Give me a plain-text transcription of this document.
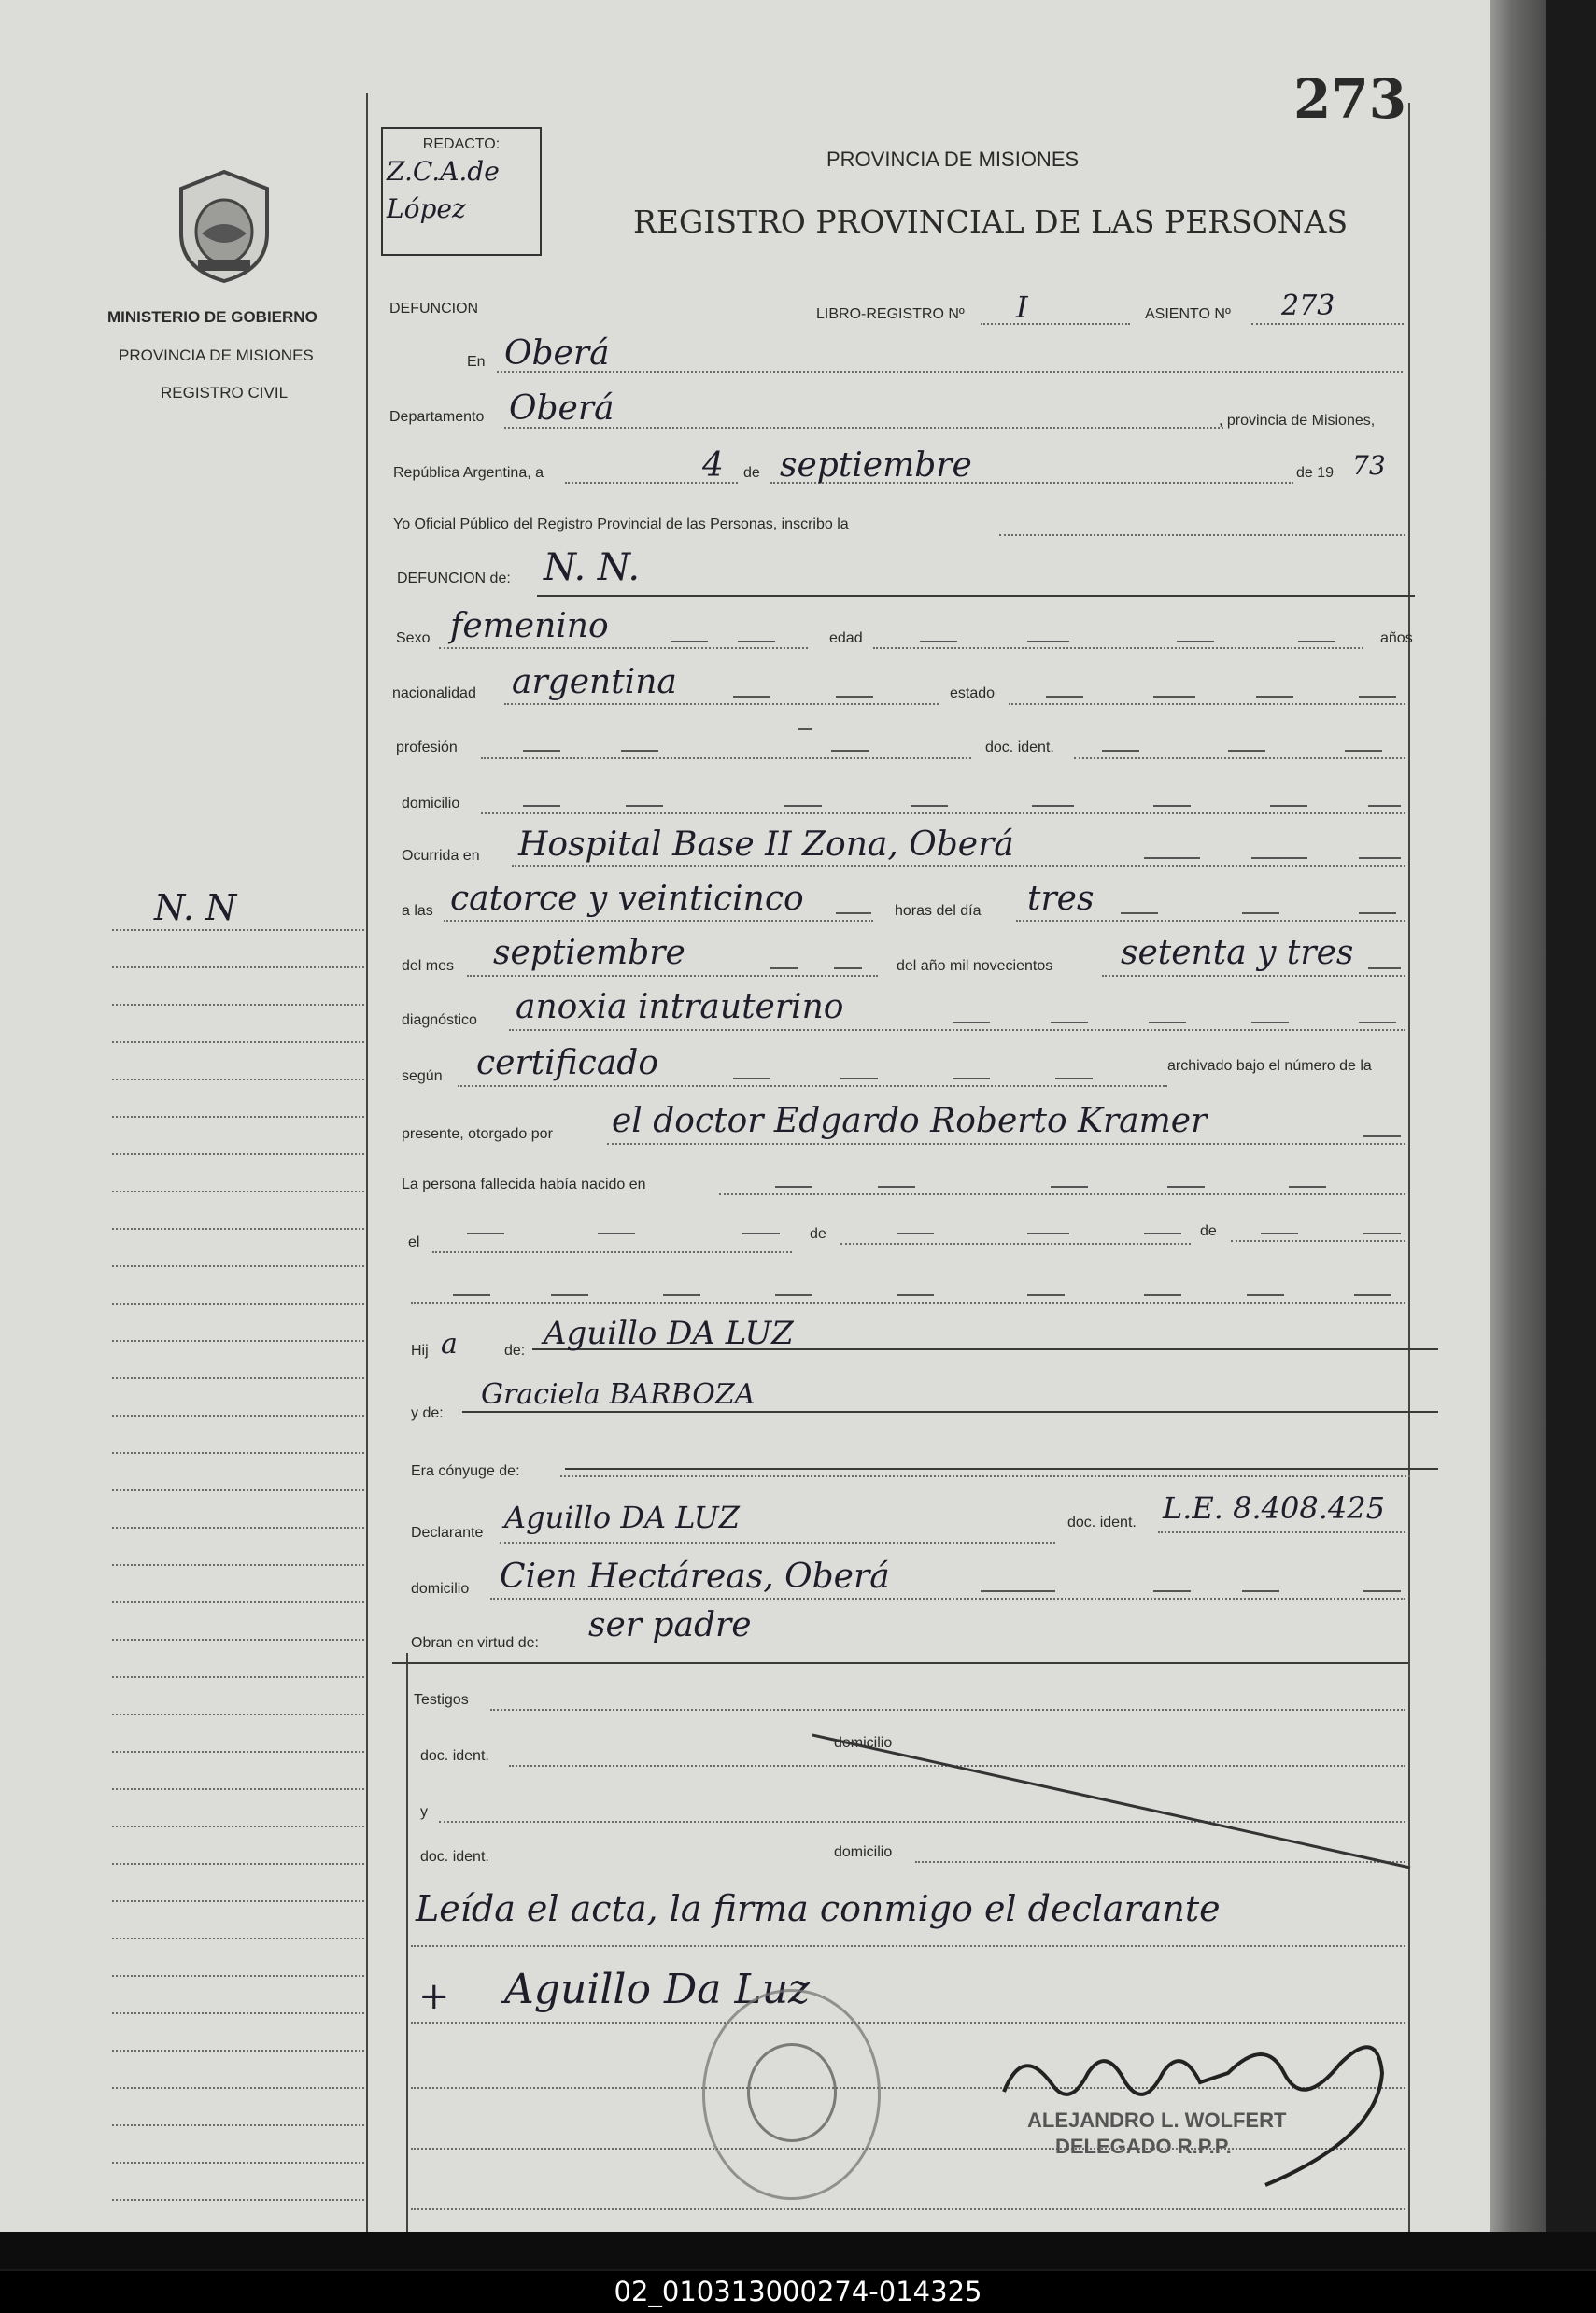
273
REDACTO:
Z.C.A.de López
PROVINCIA DE MISIONES
REGISTRO PROVINCIAL DE LAS PERSONAS
MINISTERIO DE GOBIERNO
PROVINCIA DE MISIONES
REGISTRO CIVIL
N. N
DEFUNCION	LIBRO-REGISTRO Nº I	ASIENTO Nº 273
En Oberá
Departamento Oberá	, provincia de Misiones,
República Argentina, a	4 de septiembre	de 19 73
Yo Oficial Público del Registro Provincial de las Personas, inscribo la
DEFUNCION de: N. N.
Sexo femenino	edad	años
nacionalidad argentina	estado
profesión	doc. ident.
domicilio
Ocurrida en Hospital Base II Zona, Oberá
a las catorce y veinticinco	horas del día tres
del mes septiembre	del año mil novecientos setenta y tres
diagnóstico anoxia intrauterino
según certificado	archivado bajo el número de la
presente, otorgado por el doctor Edgardo Roberto Kramer
La persona fallecida había nacido en
el
de	de
Hij a	de: Aguillo DA LUZ
y de:
Graciela BARBOZA
Era cónyuge de:
Declarante Aguillo DA LUZ	doc. ident. L.E. 8.408.425
domicilio Cien Hectáreas, Oberá
Obran en virtud de: ser padre
Testigos
doc. ident.
domicilio
y
doc. ident.	domicilio
Leída el acta, la firma conmigo el declarante
+ Aguillo Da Luz
ALEJANDRO L. WOLFERT
DELEGADO R.P.P.
02_010313000274-014325
